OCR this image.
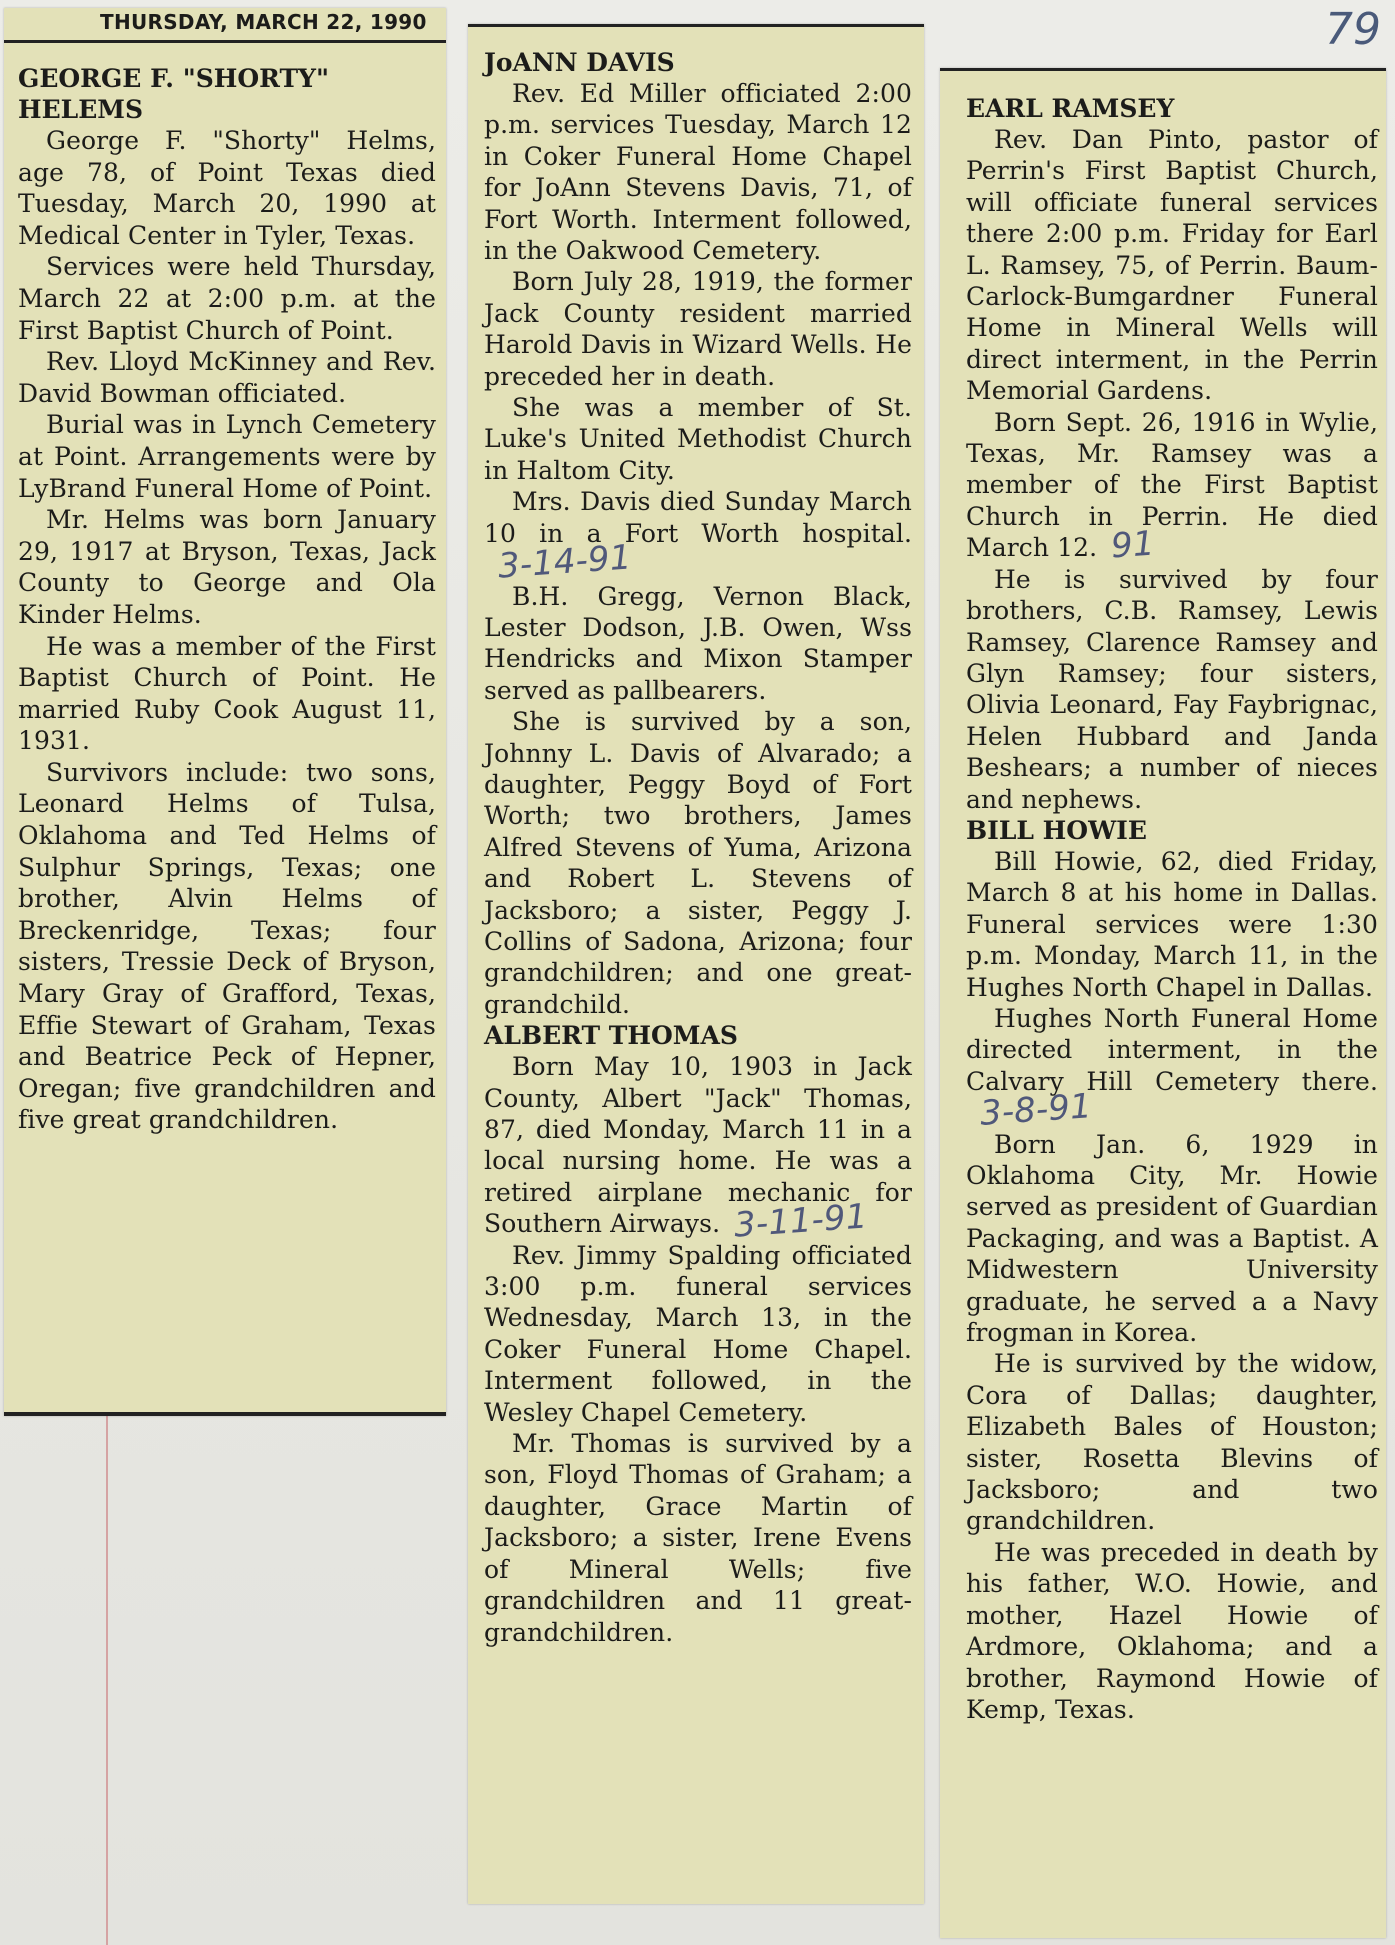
79
THURSDAY, MARCH 22, 1990
GEORGE F. "SHORTY" HELEMS

George F. "Shorty" Helms, age 78, of Point Texas died Tuesday, March 20, 1990 at Medical Center in Tyler, Texas.

Services were held Thursday, March 22 at 2:00 p.m. at the First Baptist Church of Point.

Rev. Lloyd McKinney and Rev. David Bowman officiated.

Burial was in Lynch Cemetery at Point. Arrangements were by LyBrand Funeral Home of Point.

Mr. Helms was born January 29, 1917 at Bryson, Texas, Jack County to George and Ola Kinder Helms.

He was a member of the First Baptist Church of Point. He married Ruby Cook August 11, 1931.

Survivors include: two sons, Leonard Helms of Tulsa, Oklahoma and Ted Helms of Sulphur Springs, Texas; one brother, Alvin Helms of Breckenridge, Texas; four sisters, Tressie Deck of Bryson, Mary Gray of Grafford, Texas, Effie Stewart of Graham, Texas and Beatrice Peck of Hepner, Oregan; five grandchildren and five great grandchildren.

JoANN DAVIS

Rev. Ed Miller officiated 2:00 p.m. services Tuesday, March 12 in Coker Funeral Home Chapel for JoAnn Stevens Davis, 71, of Fort Worth. Interment followed, in the Oakwood Cemetery.

Born July 28, 1919, the former Jack County resident married Harold Davis in Wizard Wells. He preceded her in death.

She was a member of St. Luke's United Methodist Church in Haltom City.

Mrs. Davis died Sunday March 10 in a Fort Worth hospital.3-14-91

B.H. Gregg, Vernon Black, Lester Dodson, J.B. Owen, Wss Hendricks and Mixon Stamper served as pallbearers.

She is survived by a son, Johnny L. Davis of Alvarado; a daughter, Peggy Boyd of Fort Worth; two brothers, James Alfred Stevens of Yuma, Arizona and Robert L. Stevens of Jacksboro; a sister, Peggy J. Collins of Sadona, Arizona; four grandchildren; and one great-grandchild.

ALBERT THOMAS

Born May 10, 1903 in Jack County, Albert "Jack" Thomas, 87, died Monday, March 11 in a local nursing home. He was a retired airplane mechanic for Southern Airways. 3-11-91

Rev. Jimmy Spalding officiated 3:00 p.m. funeral services Wednesday, March 13, in the Coker Funeral Home Chapel. Interment followed, in the Wesley Chapel Cemetery.

Mr. Thomas is survived by a son, Floyd Thomas of Graham; a daughter, Grace Martin of Jacksboro; a sister, Irene Evens of Mineral Wells; five grandchildren and 11 great-grandchildren.

EARL RAMSEY

Rev. Dan Pinto, pastor of Perrin's First Baptist Church, will officiate funeral services there 2:00 p.m. Friday for Earl L. Ramsey, 75, of Perrin. Baum-Carlock-Bumgardner Funeral Home in Mineral Wells will direct interment, in the Perrin Memorial Gardens.

Born Sept. 26, 1916 in Wylie, Texas, Mr. Ramsey was a member of the First Baptist Church in Perrin. He died March 12. 91

He is survived by four brothers, C.B. Ramsey, Lewis Ramsey, Clarence Ramsey and Glyn Ramsey; four sisters, Olivia Leonard, Fay Faybrignac, Helen Hubbard and Janda Beshears; a number of nieces and nephews.

BILL HOWIE

Bill Howie, 62, died Friday, March 8 at his home in Dallas. Funeral services were 1:30 p.m. Monday, March 11, in the Hughes North Chapel in Dallas.

Hughes North Funeral Home directed interment, in the Calvary Hill Cemetery there.3-8-91

Born Jan. 6, 1929 in Oklahoma City, Mr. Howie served as president of Guardian Packaging, and was a Baptist. A Midwestern University graduate, he served a a Navy frogman in Korea.

He is survived by the widow, Cora of Dallas; daughter, Elizabeth Bales of Houston; sister, Rosetta Blevins of Jacksboro; and two grandchildren.

He was preceded in death by his father, W.O. Howie, and mother, Hazel Howie of Ardmore, Oklahoma; and a brother, Raymond Howie of Kemp, Texas.
